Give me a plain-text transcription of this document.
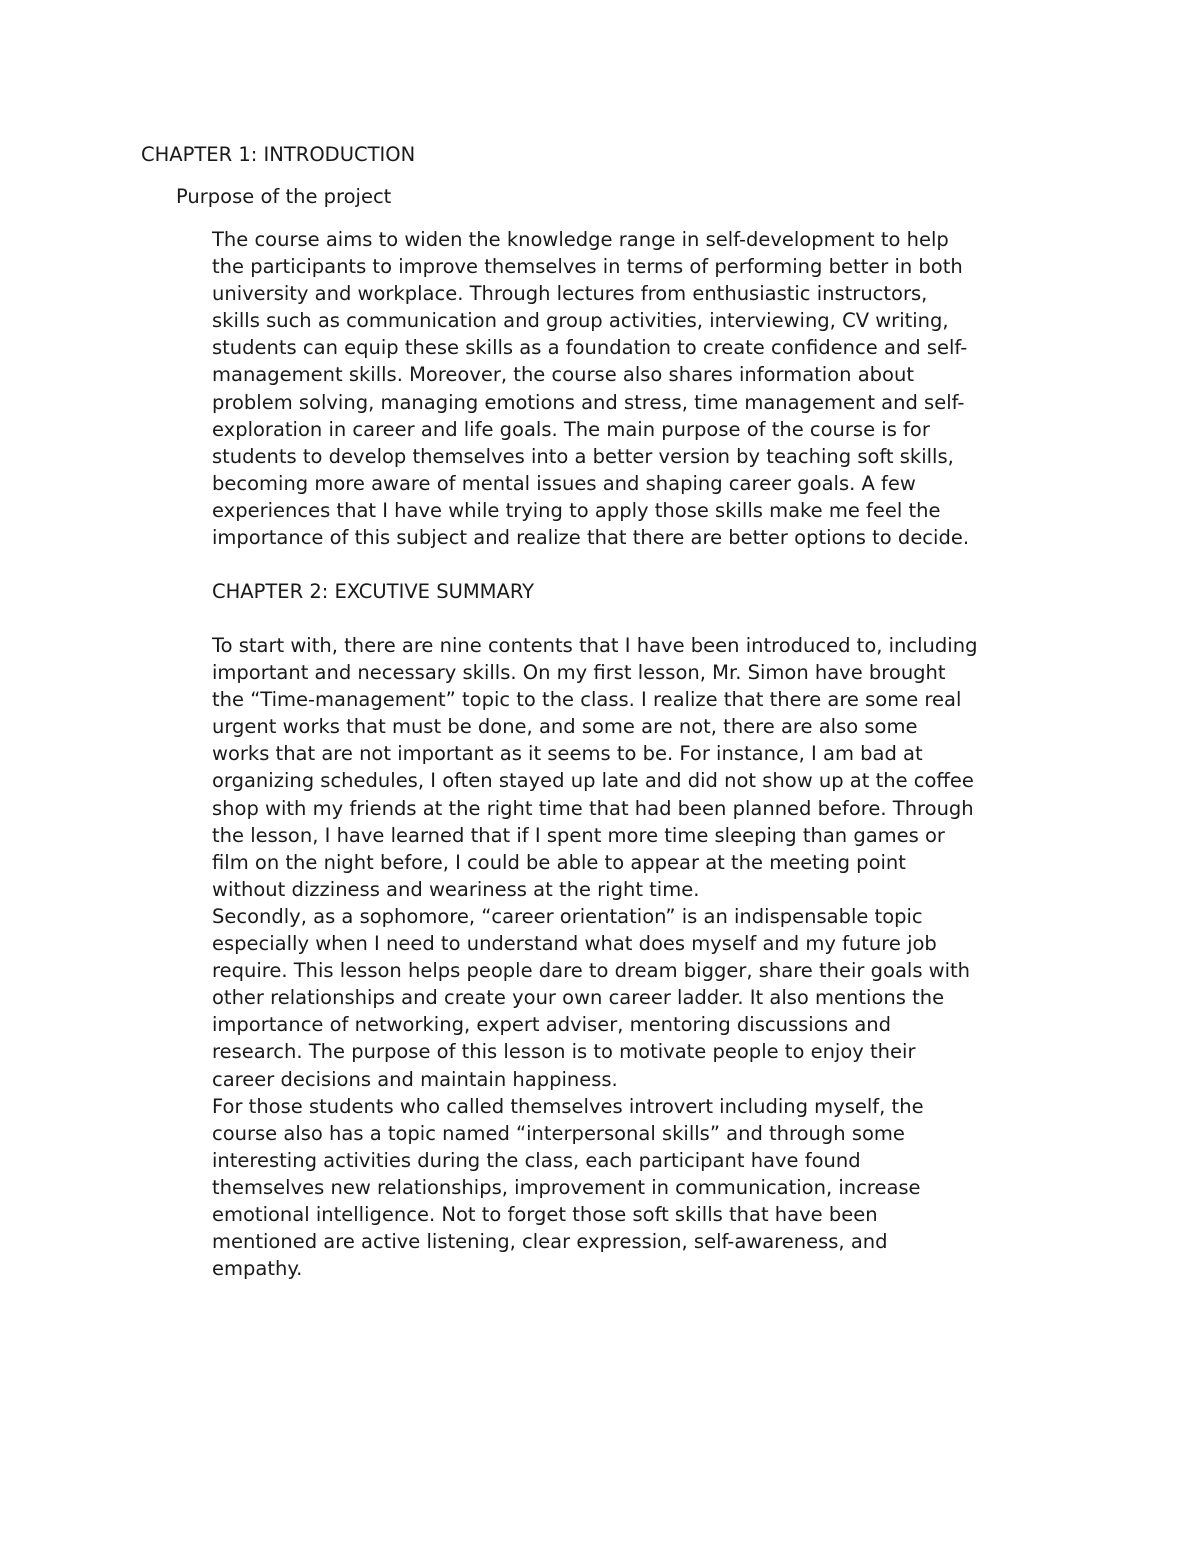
CHAPTER 1: INTRODUCTION
Purpose of the project
The course aims to widen the knowledge range in self-development to help
the participants to improve themselves in terms of performing better in both
university and workplace. Through lectures from enthusiastic instructors,
skills such as communication and group activities, interviewing, CV writing,
students can equip these skills as a foundation to create confidence and self-
management skills. Moreover, the course also shares information about
problem solving, managing emotions and stress, time management and self-
exploration in career and life goals. The main purpose of the course is for
students to develop themselves into a better version by teaching soft skills,
becoming more aware of mental issues and shaping career goals. A few
experiences that I have while trying to apply those skills make me feel the
importance of this subject and realize that there are better options to decide.
CHAPTER 2: EXCUTIVE SUMMARY
To start with, there are nine contents that I have been introduced to, including
important and necessary skills. On my first lesson, Mr. Simon have brought
the “Time-management” topic to the class. I realize that there are some real
urgent works that must be done, and some are not, there are also some
works that are not important as it seems to be. For instance, I am bad at
organizing schedules, I often stayed up late and did not show up at the coffee
shop with my friends at the right time that had been planned before. Through
the lesson, I have learned that if I spent more time sleeping than games or
film on the night before, I could be able to appear at the meeting point
without dizziness and weariness at the right time.
Secondly, as a sophomore, “career orientation” is an indispensable topic
especially when I need to understand what does myself and my future job
require. This lesson helps people dare to dream bigger, share their goals with
other relationships and create your own career ladder. It also mentions the
importance of networking, expert adviser, mentoring discussions and
research. The purpose of this lesson is to motivate people to enjoy their
career decisions and maintain happiness.
For those students who called themselves introvert including myself, the
course also has a topic named “interpersonal skills” and through some
interesting activities during the class, each participant have found
themselves new relationships, improvement in communication, increase
emotional intelligence. Not to forget those soft skills that have been
mentioned are active listening, clear expression, self-awareness, and
empathy.
